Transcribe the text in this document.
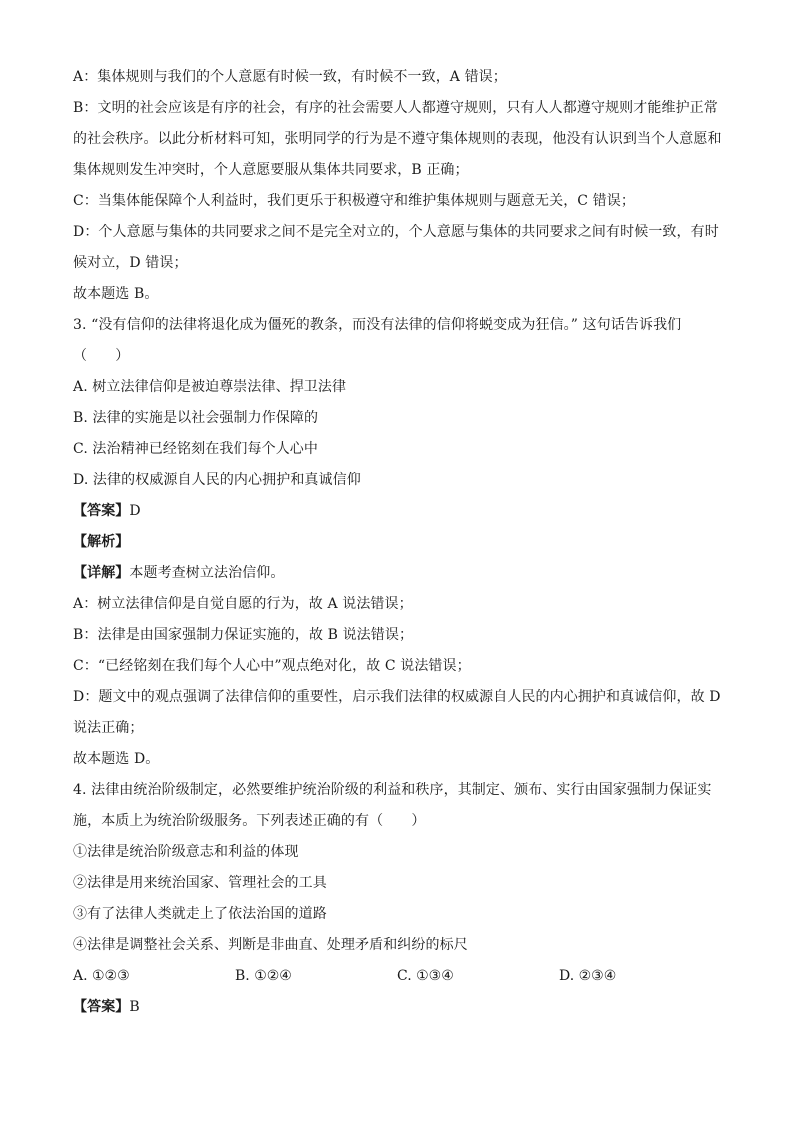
A：集体规则与我们的个人意愿有时候一致，有时候不一致，A 错误；
B：文明的社会应该是有序的社会，有序的社会需要人人都遵守规则，只有人人都遵守规则才能维护正常
的社会秩序。以此分析材料可知，张明同学的行为是不遵守集体规则的表现，他没有认识到当个人意愿和
集体规则发生冲突时，个人意愿要服从集体共同要求，B 正确；
C：当集体能保障个人利益时，我们更乐于积极遵守和维护集体规则与题意无关，C 错误；
D：个人意愿与集体的共同要求之间不是完全对立的，个人意愿与集体的共同要求之间有时候一致，有时
候对立，D 错误；
故本题选 B。
3. “没有信仰的法律将退化成为僵死的教条，而没有法律的信仰将蜕变成为狂信。” 这句话告诉我们
（　　）
A. 树立法律信仰是被迫尊崇法律、捍卫法律
B. 法律的实施是以社会强制力作保障的
C. 法治精神已经铭刻在我们每个人心中
D. 法律的权威源自人民的内心拥护和真诚信仰
【答案】D
【解析】
【详解】本题考查树立法治信仰。
A：树立法律信仰是自觉自愿的行为，故 A 说法错误；
B：法律是由国家强制力保证实施的，故 B 说法错误；
C：“已经铭刻在我们每个人心中”观点绝对化，故 C 说法错误；
D：题文中的观点强调了法律信仰的重要性，启示我们法律的权威源自人民的内心拥护和真诚信仰，故 D
说法正确；
故本题选 D。
4. 法律由统治阶级制定，必然要维护统治阶级的利益和秩序，其制定、颁布、实行由国家强制力保证实
施，本质上为统治阶级服务。下列表述正确的有（　　）
①法律是统治阶级意志和利益的体现
②法律是用来统治国家、管理社会的工具
③有了法律人类就走上了依法治国的道路
④法律是调整社会关系、判断是非曲直、处理矛盾和纠纷的标尺
A. ①②③	B. ①②④	C. ①③④	D. ②③④
【答案】B
